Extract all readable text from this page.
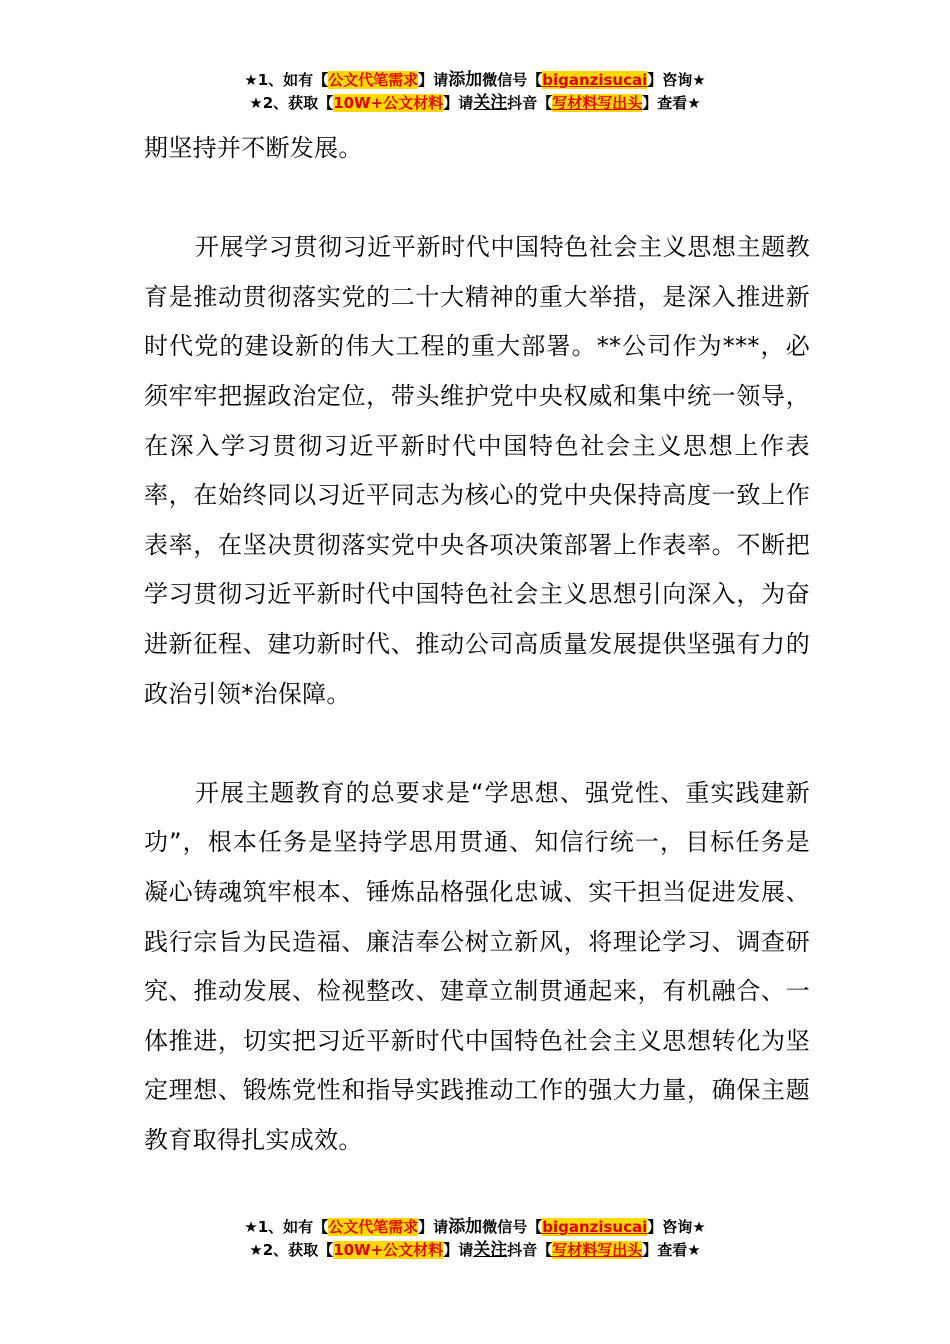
★1、如有【公文代笔需求】请添加微信号【biganzisucai】咨询★
★2、获取【10W+公文材料】请关注抖音【写材料写出头】查看★

期坚持并不断发展。

开展学习贯彻习近平新时代中国特色社会主义思想主题教育是推动贯彻落实党的二十大精神的重大举措，是深入推进新时代党的建设新的伟大工程的重大部署。**公司作为***，必须牢牢把握政治定位，带头维护党中央权威和集中统一领导，在深入学习贯彻习近平新时代中国特色社会主义思想上作表率，在始终同以习近平同志为核心的党中央保持高度一致上作表率，在坚决贯彻落实党中央各项决策部署上作表率。不断把学习贯彻习近平新时代中国特色社会主义思想引向深入，为奋进新征程、建功新时代、推动公司高质量发展提供坚强有力的政治引领*治保障。

开展主题教育的总要求是“学思想、强党性、重实践建新功”，根本任务是坚持学思用贯通、知信行统一，目标任务是凝心铸魂筑牢根本、锤炼品格强化忠诚、实干担当促进发展、践行宗旨为民造福、廉洁奉公树立新风，将理论学习、调查研究、推动发展、检视整改、建章立制贯通起来，有机融合、一体推进，切实把习近平新时代中国特色社会主义思想转化为坚定理想、锻炼党性和指导实践推动工作的强大力量，确保主题教育取得扎实成效。

★1、如有【公文代笔需求】请添加微信号【biganzisucai】咨询★
★2、获取【10W+公文材料】请关注抖音【写材料写出头】查看★
